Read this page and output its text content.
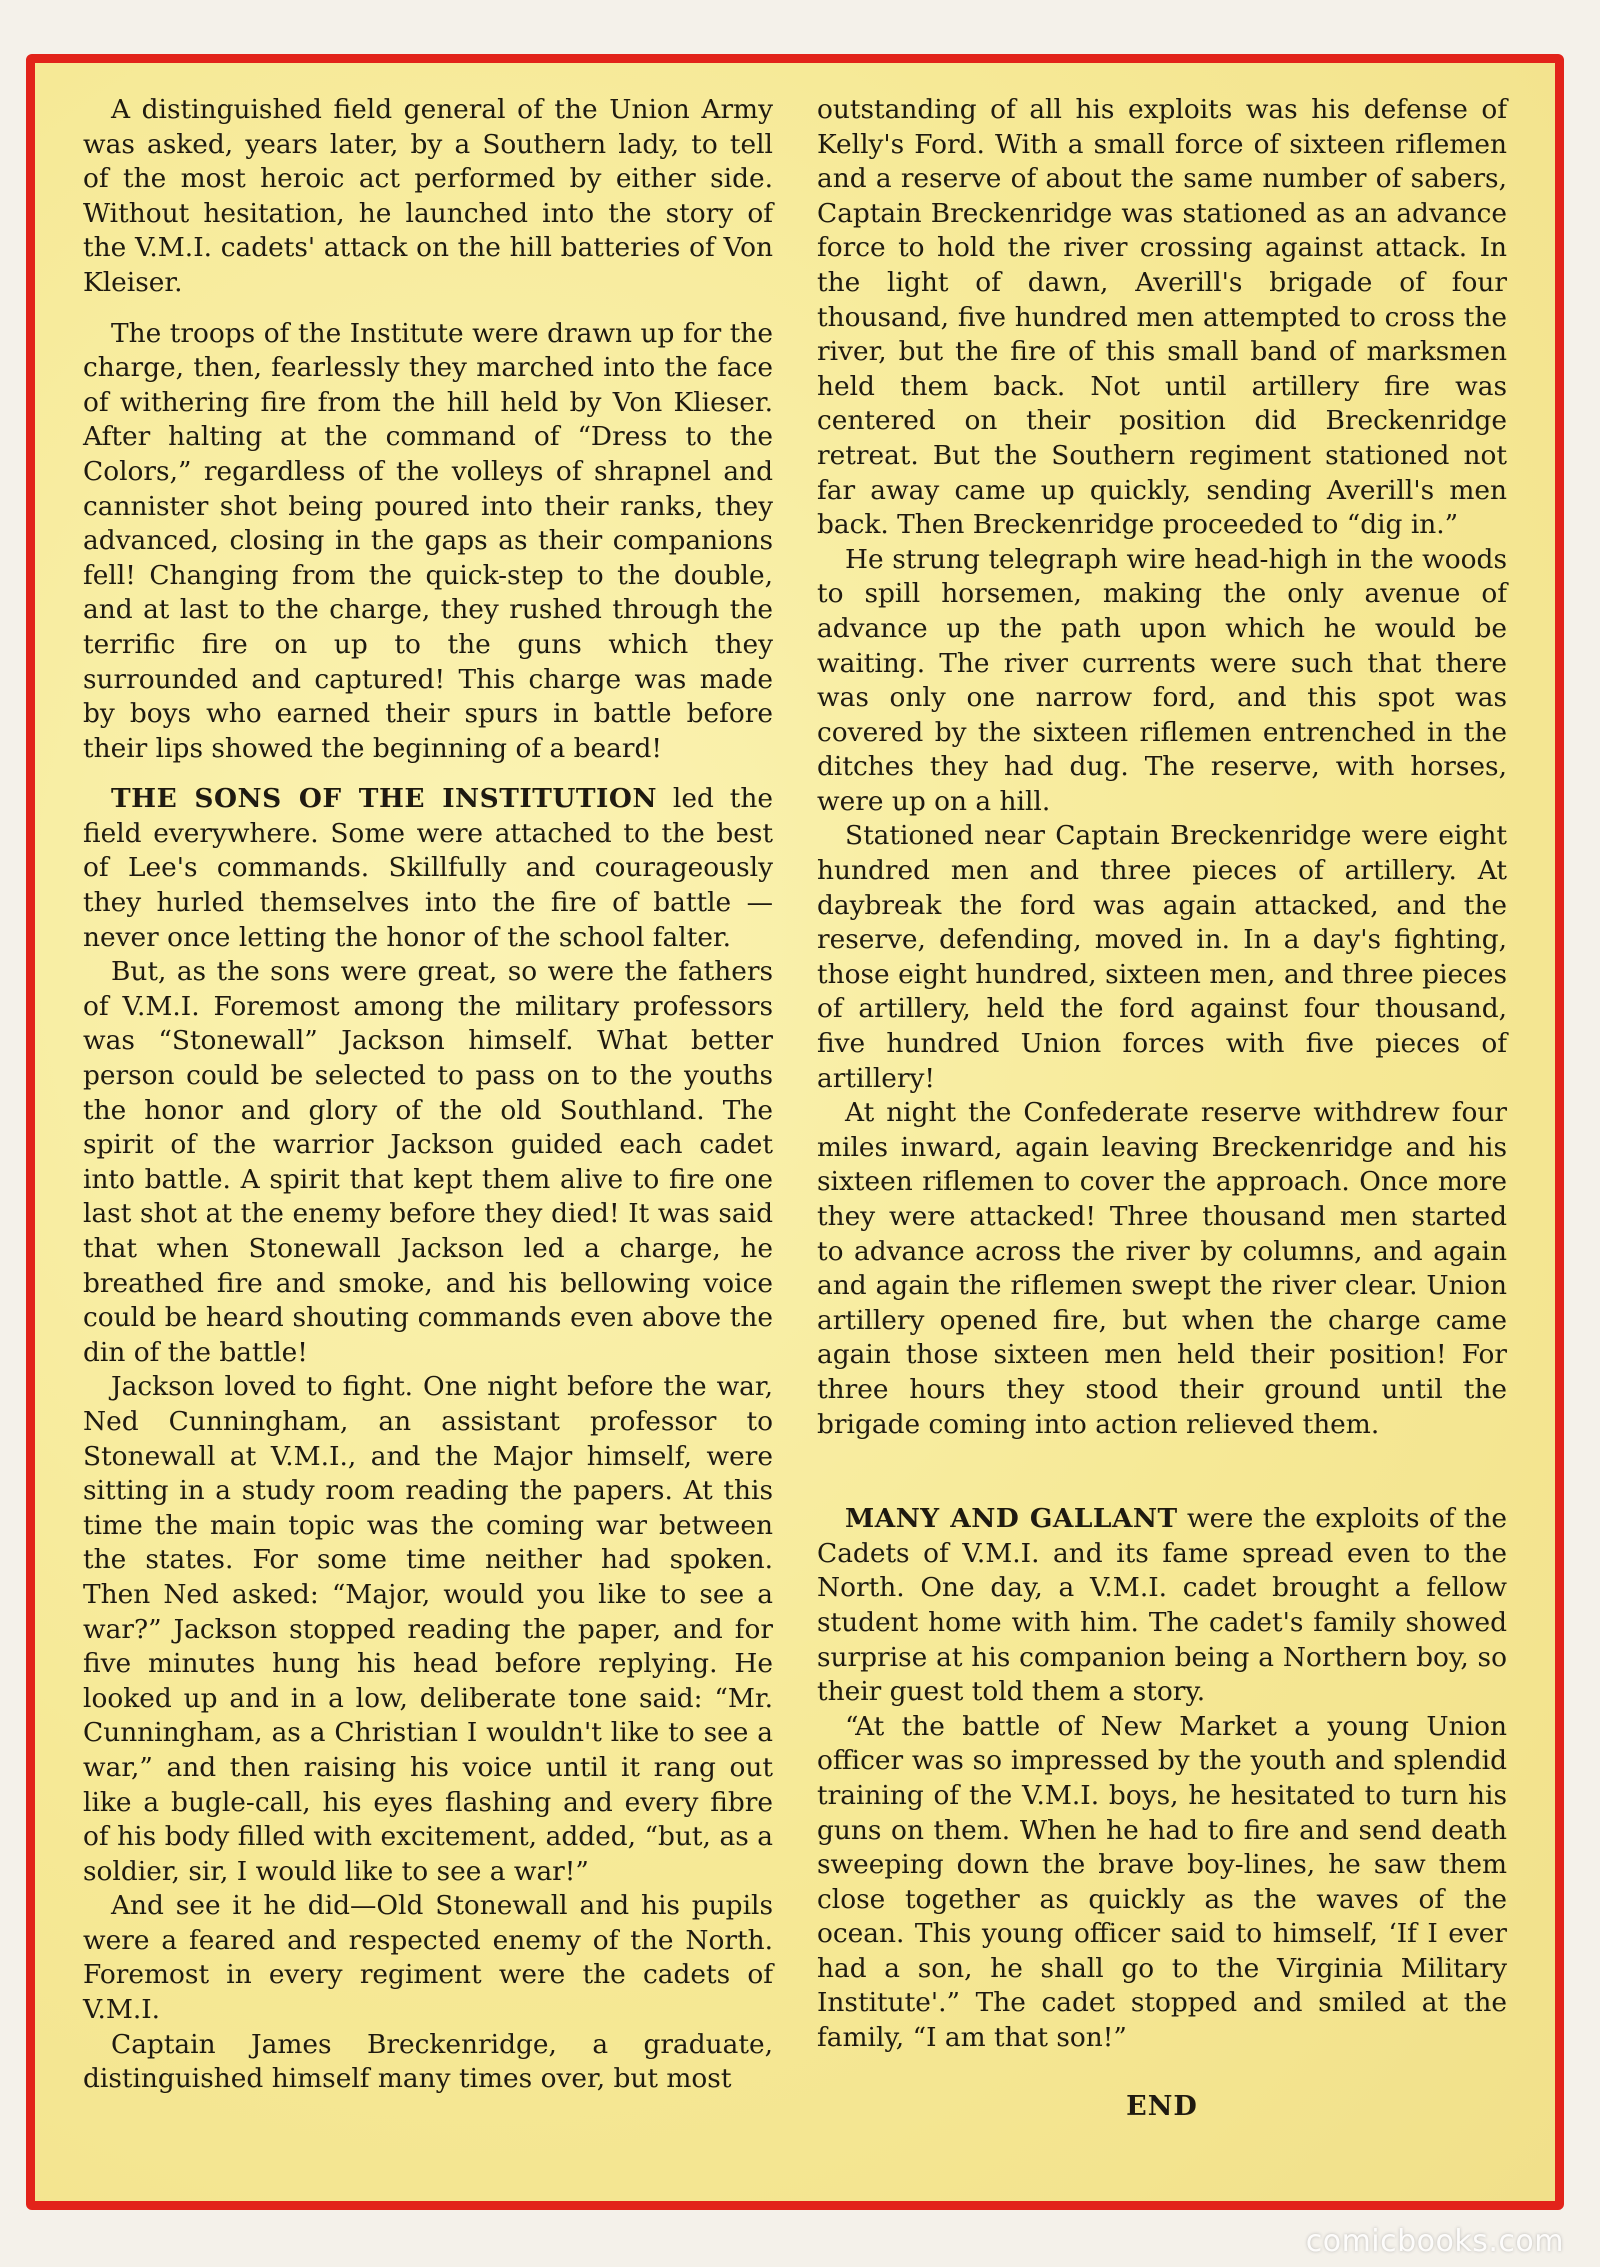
A distinguished field general of the Union Army was asked, years later, by a Southern lady, to tell of the most heroic act performed by either side. Without hesitation, he launched into the story of the V.M.I. cadets' attack on the hill batteries of Von Kleiser.

The troops of the Institute were drawn up for the charge, then, fearlessly they marched into the face of withering fire from the hill held by Von Klieser. After halting at the command of “Dress to the Colors,” regardless of the volleys of shrapnel and cannister shot being poured into their ranks, they advanced, closing in the gaps as their companions fell! Changing from the quick-step to the double, and at last to the charge, they rushed through the terrific fire on up to the guns which they surrounded and captured! This charge was made by boys who earned their spurs in battle before their lips showed the beginning of a beard!

THE SONS OF THE INSTITUTION led the field everywhere. Some were attached to the best of Lee's commands. Skillfully and courageously they hurled themselves into the fire of battle — never once letting the honor of the school falter.

But, as the sons were great, so were the fathers of V.M.I. Foremost among the military professors was “Stonewall” Jackson himself. What better person could be selected to pass on to the youths the honor and glory of the old Southland. The spirit of the warrior Jackson guided each cadet into battle. A spirit that kept them alive to fire one last shot at the enemy before they died! It was said that when Stonewall Jackson led a charge, he breathed fire and smoke, and his bellowing voice could be heard shouting commands even above the din of the battle!

Jackson loved to fight. One night before the war, Ned Cunningham, an assistant professor to Stonewall at V.M.I., and the Major himself, were sitting in a study room reading the papers. At this time the main topic was the coming war between the states. For some time neither had spoken. Then Ned asked: “Major, would you like to see a war?” Jackson stopped reading the paper, and for five minutes hung his head before replying. He looked up and in a low, deliberate tone said: “Mr. Cunningham, as a Christian I wouldn't like to see a war,” and then raising his voice until it rang out like a bugle-call, his eyes flashing and every fibre of his body filled with excitement, added, “but, as a soldier, sir, I would like to see a war!”

And see it he did—Old Stonewall and his pupils were a feared and respected enemy of the North. Foremost in every regiment were the cadets of V.M.I.

Captain James Breckenridge, a graduate, distinguished himself many times over, but most

outstanding of all his exploits was his defense of Kelly's Ford. With a small force of sixteen riflemen and a reserve of about the same number of sabers, Captain Breckenridge was stationed as an advance force to hold the river crossing against attack. In the light of dawn, Averill's brigade of four thousand, five hundred men attempted to cross the river, but the fire of this small band of marksmen held them back. Not until artillery fire was centered on their position did Breckenridge retreat. But the Southern regiment stationed not far away came up quickly, sending Averill's men back. Then Breckenridge proceeded to “dig in.”

He strung telegraph wire head-high in the woods to spill horsemen, making the only avenue of advance up the path upon which he would be waiting. The river currents were such that there was only one narrow ford, and this spot was covered by the sixteen riflemen entrenched in the ditches they had dug. The reserve, with horses, were up on a hill.

Stationed near Captain Breckenridge were eight hundred men and three pieces of artillery. At daybreak the ford was again attacked, and the reserve, defending, moved in. In a day's fighting, those eight hundred, sixteen men, and three pieces of artillery, held the ford against four thousand, five hundred Union forces with five pieces of artillery!

At night the Confederate reserve withdrew four miles inward, again leaving Breckenridge and his sixteen riflemen to cover the approach. Once more they were attacked! Three thousand men started to advance across the river by columns, and again and again the riflemen swept the river clear. Union artillery opened fire, but when the charge came again those sixteen men held their position! For three hours they stood their ground until the brigade coming into action relieved them.

MANY AND GALLANT were the exploits of the Cadets of V.M.I. and its fame spread even to the North. One day, a V.M.I. cadet brought a fellow student home with him. The cadet's family showed surprise at his companion being a Northern boy, so their guest told them a story.

“At the battle of New Market a young Union officer was so impressed by the youth and splendid training of the V.M.I. boys, he hesitated to turn his guns on them. When he had to fire and send death sweeping down the brave boy-lines, he saw them close together as quickly as the waves of the ocean. This young officer said to himself, ‘If I ever had a son, he shall go to the Virginia Military Institute'.” The cadet stopped and smiled at the family, “I am that son!”

END
comicbooks.com
